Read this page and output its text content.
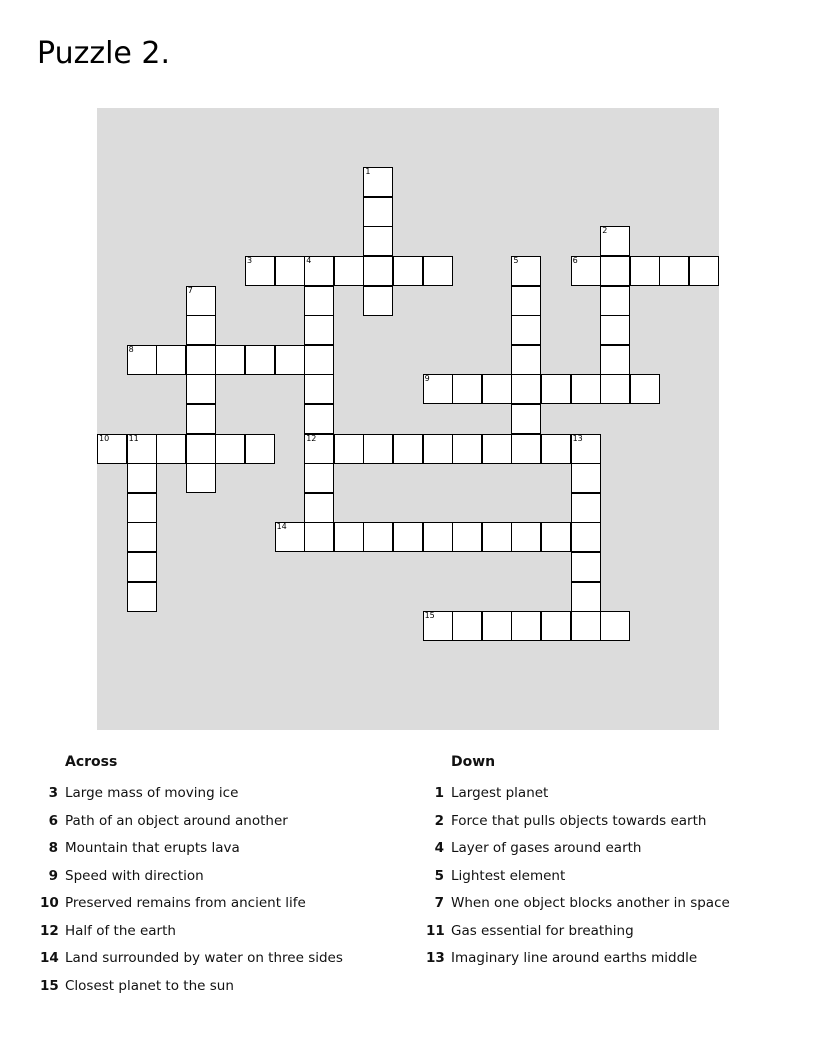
Puzzle 2.
1
2
3	4	5	6
12
7
8
9
10 11	13
14
15
Across
3 Large mass of moving ice
6 Path of an object around another
8 Mountain that erupts lava
9 Speed with direction
10 Preserved remains from ancient life
12 Half of the earth
14 Land surrounded by water on three sides
15 Closest planet to the sun
Down
1 Largest planet
2 Force that pulls objects towards earth
4 Layer of gases around earth
5 Lightest element
7 When one object blocks another in space
11 Gas essential for breathing
13 Imaginary line around earths middle
